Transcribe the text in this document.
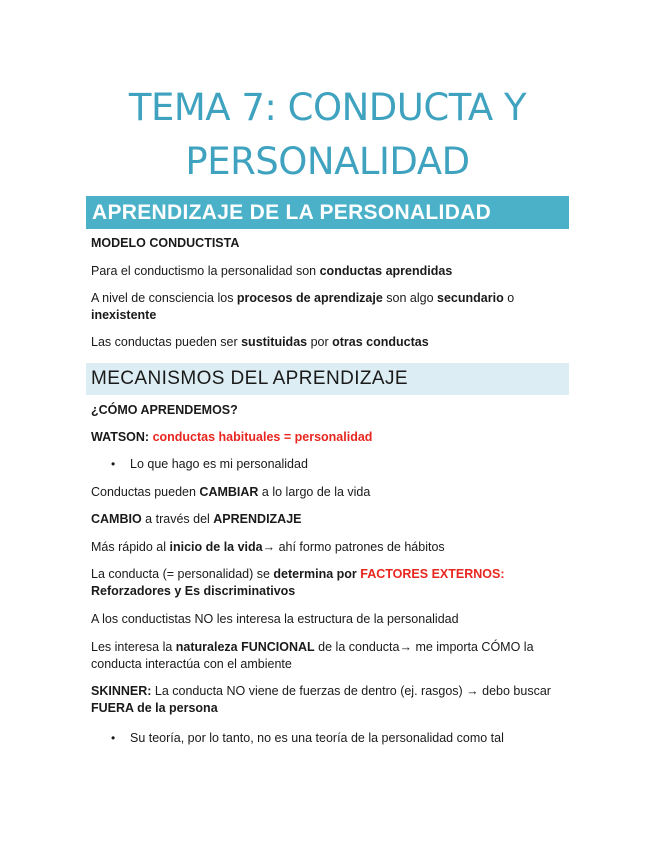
TEMA 7: CONDUCTA Y
PERSONALIDAD
APRENDIZAJE DE LA PERSONALIDAD

MODELO CONDUCTISTA

Para el conductismo la personalidad son conductas aprendidas

A nivel de consciencia los procesos de aprendizaje son algo secundario o
inexistente

Las conductas pueden ser sustituidas por otras conductas

MECANISMOS DEL APRENDIZAJE

¿CÓMO APRENDEMOS?

WATSON: conductas habituales = personalidad

• Lo que hago es mi personalidad

Conductas pueden CAMBIAR a lo largo de la vida

CAMBIO a través del APRENDIZAJE

Más rápido al inicio de la vida→ ahí formo patrones de hábitos

La conducta (= personalidad) se determina por FACTORES EXTERNOS:
Reforzadores y Es discriminativos

A los conductistas NO les interesa la estructura de la personalidad

Les interesa la naturaleza FUNCIONAL de la conducta→ me importa CÓMO la conducta interactúa con el ambiente

SKINNER: La conducta NO viene de fuerzas de dentro (ej. rasgos) → debo buscar
FUERA de la persona

• Su teoría, por lo tanto, no es una teoría de la personalidad como tal
